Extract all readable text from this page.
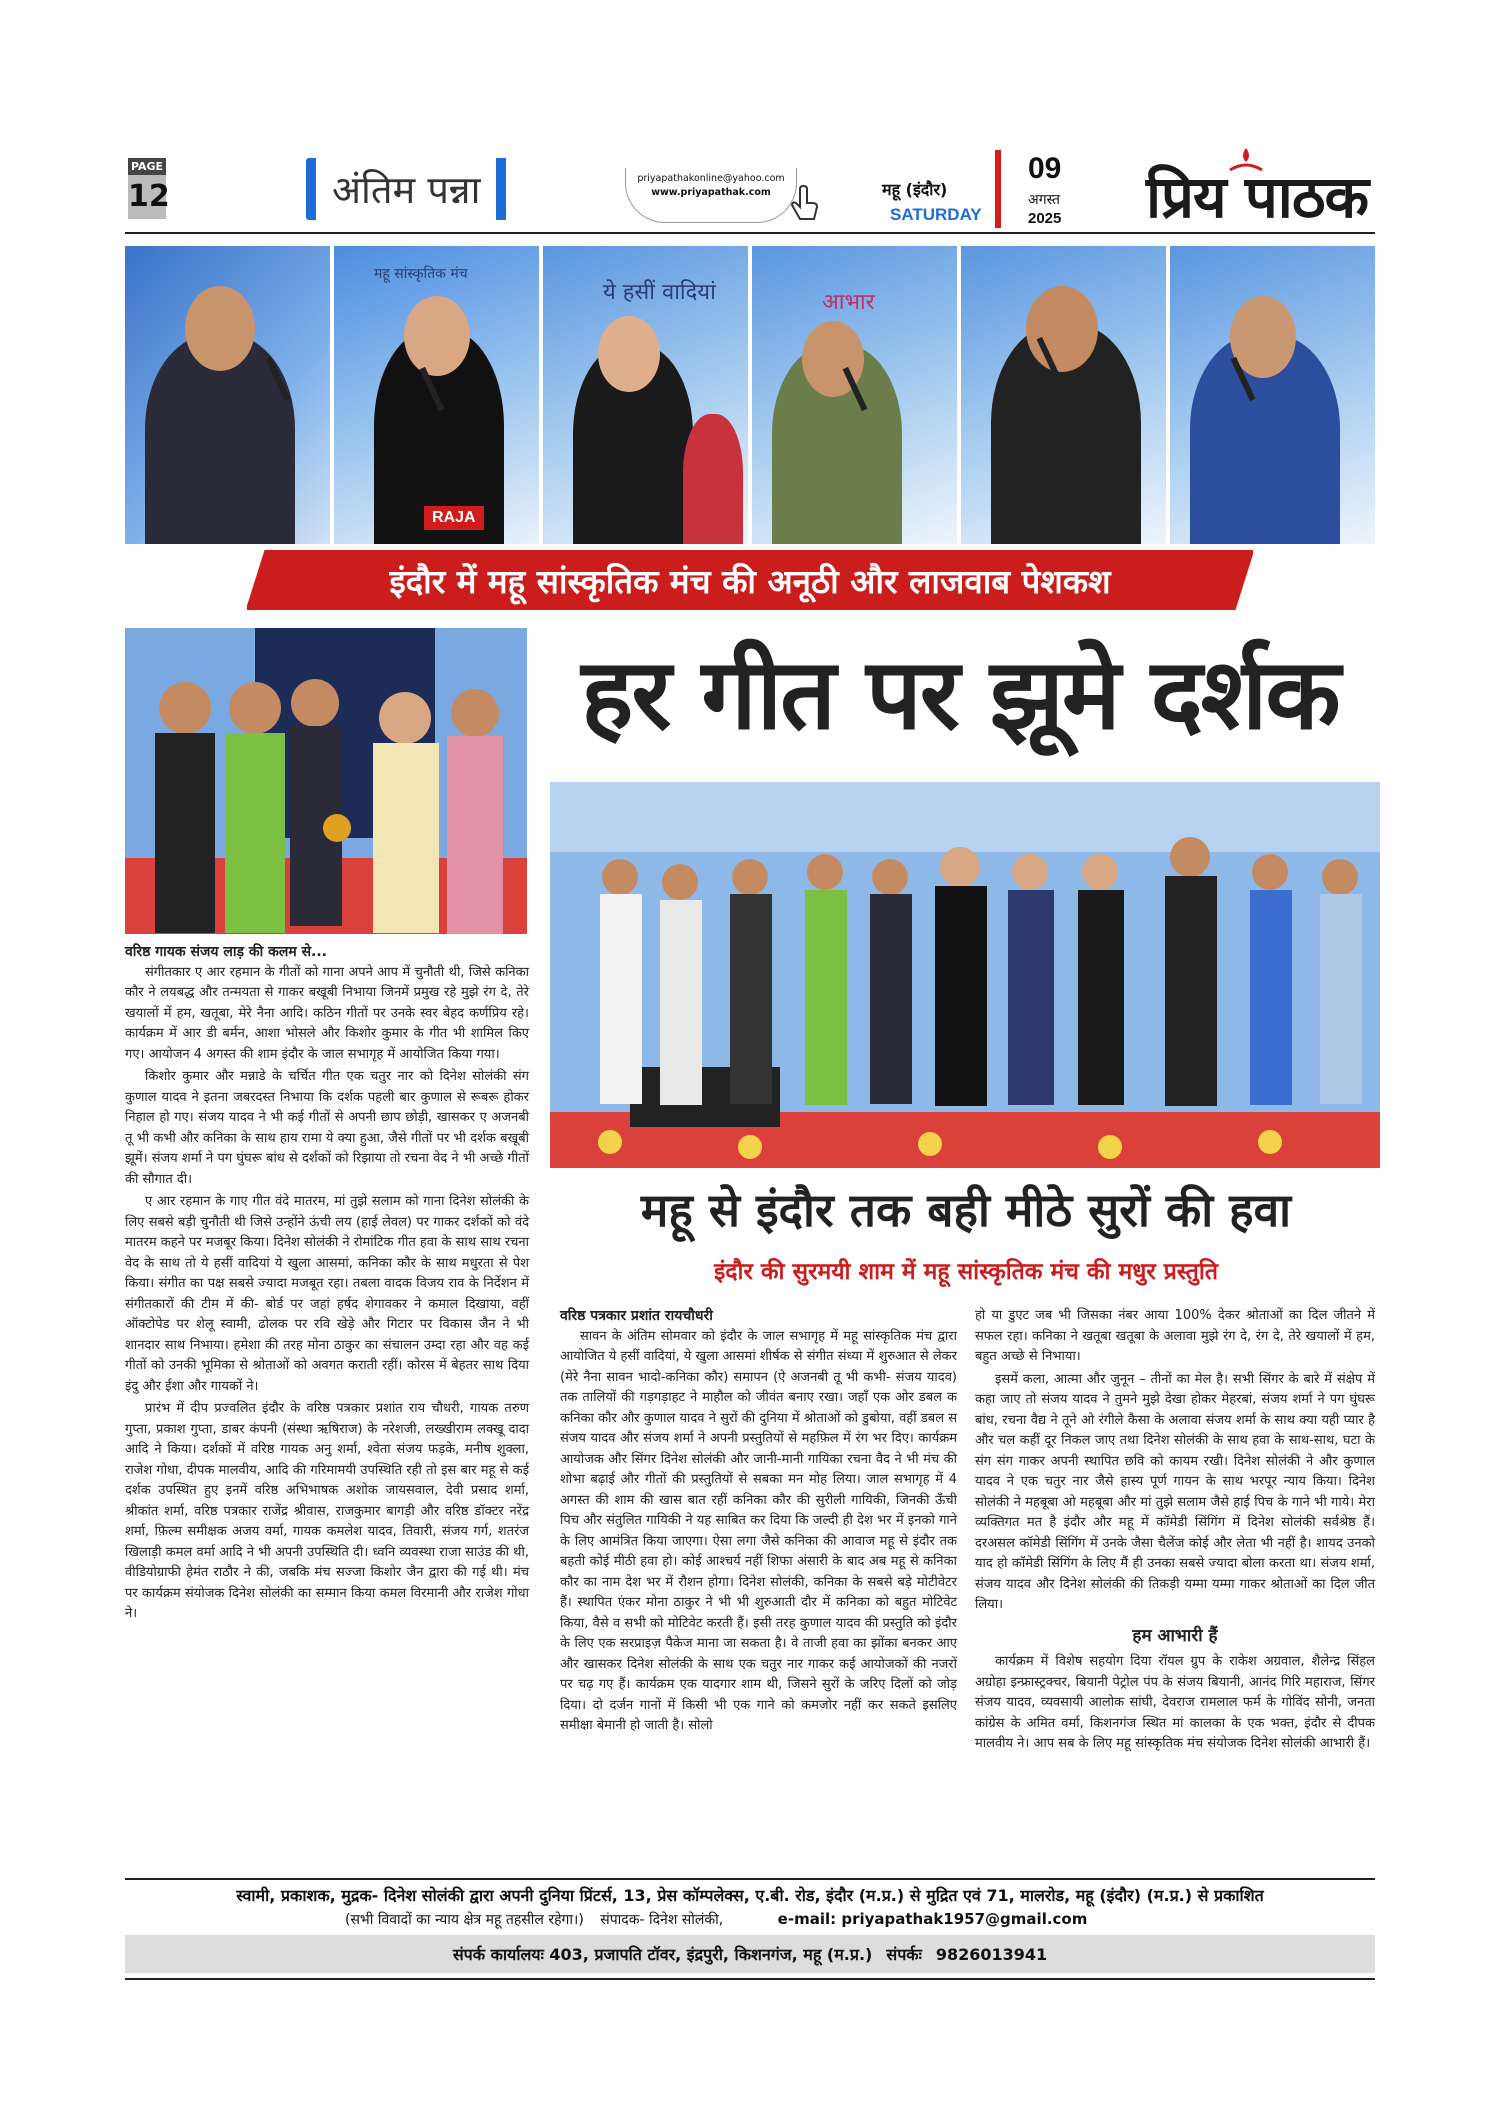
PAGE
12	अंतिम पन्ना	priyapathakonline@yahoo.com
www.priyapathak.com	महू (इंदौर)
SATURDAY
09
अगस्त
2025 प्रिय पाठक
महू सांस्कृतिक मंच
RAJA
ये हसीं वादियां	आभार
इंदौर में महू सांस्कृतिक मंच की अनूठी और लाजवाब पेशकश
हर गीत पर झूमे दर्शक
वरिष्ठ गायक संजय लाड़ की कलम से...

संगीतकार ए आर रहमान के गीतों को गाना अपने आप में चुनौती थी, जिसे कनिका कौर ने लयबद्ध और तन्मयता से गाकर बखूबी निभाया जिनमें प्रमुख रहे मुझे रंग दे, तेरे खयालों में हम, खतूबा, मेरे नैना आदि। कठिन गीतों पर उनके स्वर बेहद कर्णप्रिय रहे। कार्यक्रम में आर डी बर्मन, आशा भोसले और किशोर कुमार के गीत भी शामिल किए गए। आयोजन 4 अगस्त की शाम इंदौर के जाल सभागृह में आयोजित किया गया।

किशोर कुमार और मन्नाडे के चर्चित गीत एक चतुर नार को दिनेश सोलंकी संग कुणाल यादव ने इतना जबरदस्त निभाया कि दर्शक पहली बार कुणाल से रूबरू होकर निहाल हो गए। संजय यादव ने भी कई गीतों से अपनी छाप छोड़ी, खासकर ए अजनबी तू भी कभी और कनिका के साथ हाय रामा ये क्या हुआ, जैसे गीतों पर भी दर्शक बखूबी झूमें। संजय शर्मा ने पग घुंघरू बांध से दर्शकों को रिझाया तो रचना वेद ने भी अच्छे गीतों की सौगात दी।

ए आर रहमान के गाए गीत वंदे मातरम, मां तुझे सलाम को गाना दिनेश सोलंकी के लिए सबसे बड़ी चुनौती थी जिसे उन्होंने ऊंची लय (हाई लेवल) पर गाकर दर्शकों को वंदे मातरम कहने पर मजबूर किया। दिनेश सोलंकी ने रोमांटिक गीत हवा के साथ साथ रचना वेद के साथ तो ये हसीं वादियां ये खुला आसमां, कनिका कौर के साथ मधुरता से पेश किया। संगीत का पक्ष सबसे ज्यादा मजबूत रहा। तबला वादक विजय राव के निर्देशन में संगीतकारों की टीम में की- बोर्ड पर जहां हर्षद शेगावकर ने कमाल दिखाया, वहीं ऑक्टोपेड पर शेलू स्वामी, ढोलक पर रवि खेड़े और गिटार पर विकास जैन ने भी शानदार साथ निभाया। हमेशा की तरह मोना ठाकुर का संचालन उम्दा रहा और वह कई गीतों को उनकी भूमिका से श्रोताओं को अवगत कराती रहीं। कोरस में बेहतर साथ दिया इंदु और ईशा और गायकों ने।

प्रारंभ में दीप प्रज्वलित इंदौर के वरिष्ठ पत्रकार प्रशांत राय चौधरी, गायक तरुण गुप्ता, प्रकाश गुप्ता, डाबर कंपनी (संस्था ऋषिराज) के नरेशजी, लख्खीराम लक्खू दादा आदि ने किया। दर्शकों में वरिष्ठ गायक अनु शर्मा, श्वेता संजय फड़के, मनीष शुक्ला, राजेश गोधा, दीपक मालवीय, आदि की गरिमामयी उपस्थिति रही तो इस बार महू से कई दर्शक उपस्थित हुए इनमें वरिष्ठ अभिभाषक अशोक जायसवाल, देवी प्रसाद शर्मा, श्रीकांत शर्मा, वरिष्ठ पत्रकार राजेंद्र श्रीवास, राजकुमार बागड़ी और वरिष्ठ डॉक्टर नरेंद्र शर्मा, फ़िल्म समीक्षक अजय वर्मा, गायक कमलेश यादव, तिवारी, संजय गर्ग, शतरंज खिलाड़ी कमल वर्मा आदि ने भी अपनी उपस्थिति दी। ध्वनि व्यवस्था राजा साउंड की थी, वीडियोग्राफी हेमंत राठौर ने की, जबकि मंच सज्जा किशोर जैन द्वारा की गई थी। मंच पर कार्यक्रम संयोजक दिनेश सोलंकी का सम्मान किया कमल विरमानी और राजेश गोधा ने।

महू से इंदौर तक बही मीठे सुरों की हवा
इंदौर की सुरमयी शाम में महू सांस्कृतिक मंच की मधुर प्रस्तुति
वरिष्ठ पत्रकार प्रशांत रायचौधरी

सावन के अंतिम सोमवार को इंदौर के जाल सभागृह में महू सांस्कृतिक मंच द्वारा आयोजित ये हसीं वादियां, ये खुला आसमां शीर्षक से संगीत संध्या में शुरुआत से लेकर (मेरे नैना सावन भादो-कनिका कौर) समापन (ऐ अजनबी तू भी कभी- संजय यादव) तक तालियों की गड़गड़ाहट ने माहौल को जीवंत बनाए रखा। जहाँ एक ओर डबल क कनिका कौर और कुणाल यादव ने सुरों की दुनिया में श्रोताओं को डुबोया, वहीं डबल स संजय यादव और संजय शर्मा ने अपनी प्रस्तुतियों से महफ़िल में रंग भर दिए। कार्यक्रम आयोजक और सिंगर दिनेश सोलंकी और जानी-मानी गायिका रचना वैद ने भी मंच की शोभा बढ़ाई और गीतों की प्रस्तुतियों से सबका मन मोह लिया। जाल सभागृह में 4 अगस्त की शाम की खास बात रहीं कनिका कौर की सुरीली गायिकी, जिनकी ऊँची पिच और संतुलित गायिकी ने यह साबित कर दिया कि जल्दी ही देश भर में इनको गाने के लिए आमंत्रित किया जाएगा। ऐसा लगा जैसे कनिका की आवाज महू से इंदौर तक बहती कोई मीठी हवा हो। कोई आश्चर्य नहीं शिफा अंसारी के बाद अब महू से कनिका कौर का नाम देश भर में रौशन होगा। दिनेश सोलंकी, कनिका के सबसे बड़े मोटीवेटर हैं। स्थापित एंकर मोना ठाकुर ने भी भी शुरुआती दौर में कनिका को बहुत मोटिवेट किया, वैसे व सभी को मोटिवेट करती हैं। इसी तरह कुणाल यादव की प्रस्तुति को इंदौर के लिए एक सरप्राइज़ पैकेज माना जा सकता है। वे ताजी हवा का झोंका बनकर आए और खासकर दिनेश सोलंकी के साथ एक चतुर नार गाकर कई आयोजकों की नजरों पर चढ़ गए हैं। कार्यक्रम एक यादगार शाम थी, जिसने सुरों के जरिए दिलों को जोड़ दिया। दो दर्जन गानों में किसी भी एक गाने को कमजोर नहीं कर सकते इसलिए समीक्षा बेमानी हो जाती है। सोलो

हो या डुएट जब भी जिसका नंबर आया 100% देकर श्रोताओं का दिल जीतने में सफल रहा। कनिका ने खतूबा खतूबा के अलावा मुझे रंग दे, रंग दे, तेरे खयालों में हम, बहुत अच्छे से निभाया।

इसमें कला, आत्मा और जुनून – तीनों का मेल है। सभी सिंगर के बारे में संक्षेप में कहा जाए तो संजय यादव ने तुमने मुझे देखा होकर मेहरबां, संजय शर्मा ने पग घुंघरू बांध, रचना वैद्य ने तूने ओ रंगीले कैसा के अलावा संजय शर्मा के साथ क्या यही प्यार है और चल कहीं दूर निकल जाए तथा दिनेश सोलंकी के साथ हवा के साथ-साथ, घटा के संग संग गाकर अपनी स्थापित छवि को कायम रखी। दिनेश सोलंकी ने और कुणाल यादव ने एक चतुर नार जैसे हास्य पूर्ण गायन के साथ भरपूर न्याय किया। दिनेश सोलंकी ने महबूबा ओ महबूबा और मां तुझे सलाम जैसे हाई पिच के गाने भी गाये। मेरा व्यक्तिगत मत है इंदौर और महू में कॉमेडी सिंगिंग में दिनेश सोलंकी सर्वश्रेष्ठ हैं। दरअसल कॉमेडी सिंगिंग में उनके जैसा चैलेंज कोई और लेता भी नहीं है। शायद उनको याद हो कॉमेडी सिंगिंग के लिए मैं ही उनका सबसे ज्यादा बोला करता था। संजय शर्मा, संजय यादव और दिनेश सोलंकी की तिकड़ी यम्मा यम्मा गाकर श्रोताओं का दिल जीत लिया।

हम आभारी हैं

कार्यक्रम में विशेष सहयोग दिया रॉयल ग्रुप के राकेश अग्रवाल, शैलेन्द्र सिंहल अग्रोहा इन्फ्रास्ट्रक्चर, बियानी पेट्रोल पंप के संजय बियानी, आनंद गिरि महाराज, सिंगर संजय यादव, व्यवसायी आलोक सांघी, देवराज रामलाल फर्म के गोविंद सोनी, जनता कांग्रेस के अमित वर्मा, किशनगंज स्थित मां कालका के एक भक्त, इंदौर से दीपक मालवीय ने। आप सब के लिए महू सांस्कृतिक मंच संयोजक दिनेश सोलंकी आभारी हैं।

स्वामी, प्रकाशक, मुद्रक- दिनेश सोलंकी द्वारा अपनी दुनिया प्रिंटर्स, 13, प्रेस कॉम्पलेक्स, ए.बी. रोड, इंदौर (म.प्र.) से मुद्रित एवं 71, मालरोड, महू (इंदौर) (म.प्र.) से प्रकाशित
(सभी विवादों का न्याय क्षेत्र महू तहसील रहेगा।) संपादक- दिनेश सोलंकी,	e-mail: priyapathak1957@gmail.com
संपर्क कार्यालयः 403, प्रजापति टॉवर, इंद्रपुरी, किशनगंज, महू (म.प्र.) संपर्कः 9826013941
